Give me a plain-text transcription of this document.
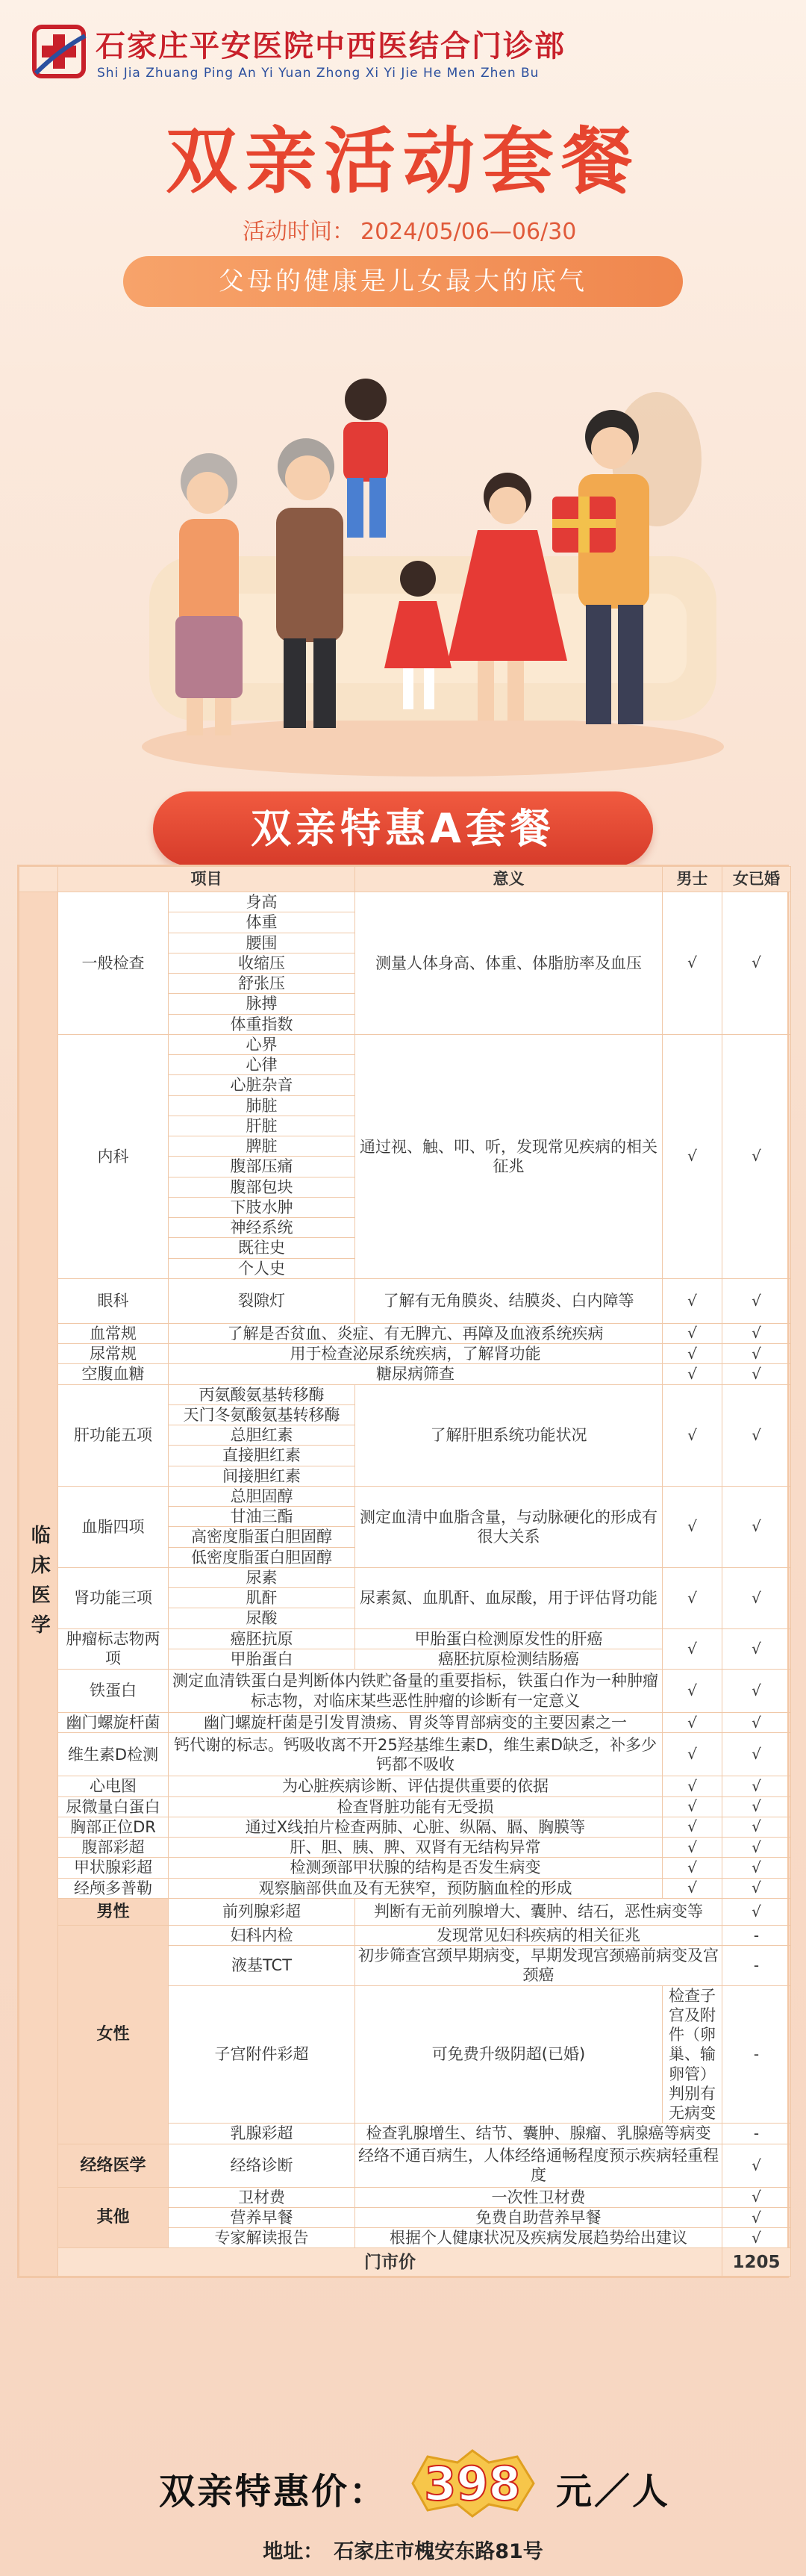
石家庄平安医院中西医结合门诊部
Shi Jia Zhuang Ping An Yi Yuan Zhong Xi Yi Jie He Men Zhen Bu
双亲活动套餐
活动时间： 2024/05/06—06/30
父母的健康是儿女最大的底气
双亲特惠A套餐
	项目		意义	男士	女已婚	
临床医学	一般检查	身高	测量人体身高、体重、体脂肪率及血压	√	√	
		体重				
		腰围				
		收缩压				
		舒张压				
		脉搏				
		体重指数				
	内科	心界	通过视、触、叩、听，发现常见疾病的相关征兆	√	√	
		心律				
		心脏杂音				
		肺脏				
		肝脏				
		脾脏				
		腹部压痛				
		腹部包块				
		下肢水肿				
		神经系统				
		既往史				
		个人史				
	眼科	裂隙灯	了解有无角膜炎、结膜炎、白内障等	√	√	
	血常规	了解是否贫血、炎症、有无脾亢、再障及血液系统疾病		√	√	
	尿常规	用于检查泌尿系统疾病，了解肾功能		√	√	
	空腹血糖	糖尿病筛查		√	√	
	肝功能五项	丙氨酸氨基转移酶	了解肝胆系统功能状况	√	√	
		天门冬氨酸氨基转移酶				
		总胆红素				
		直接胆红素				
		间接胆红素				
	血脂四项	总胆固醇	测定血清中血脂含量，与动脉硬化的形成有很大关系	√	√	
		甘油三酯				
		高密度脂蛋白胆固醇				
		低密度脂蛋白胆固醇				
	肾功能三项	尿素	尿素氮、血肌酐、血尿酸，用于评估肾功能	√	√	
		肌酐				
		尿酸				
	肿瘤标志物两项	癌胚抗原	甲胎蛋白检测原发性的肝癌	√	√	
		甲胎蛋白	癌胚抗原检测结肠癌			
	铁蛋白	测定血清铁蛋白是判断体内铁贮备量的重要指标，铁蛋白作为一种肿瘤标志物，对临床某些恶性肿瘤的诊断有一定意义		√	√	
	幽门螺旋杆菌	幽门螺旋杆菌是引发胃溃疡、胃炎等胃部病变的主要因素之一		√	√	
	维生素D检测	钙代谢的标志。钙吸收离不开25羟基维生素D，维生素D缺乏，补多少钙都不吸收		√	√	
	心电图	为心脏疾病诊断、评估提供重要的依据		√	√	
	尿微量白蛋白	检查肾脏功能有无受损		√	√	
	胸部正位DR	通过X线拍片检查两肺、心脏、纵隔、膈、胸膜等		√	√	
	腹部彩超	肝、胆、胰、脾、双肾有无结构异常		√	√	
	甲状腺彩超	检测颈部甲状腺的结构是否发生病变		√	√	
	经颅多普勒	观察脑部供血及有无狭窄，预防脑血栓的形成		√	√	
	男性	前列腺彩超	判断有无前列腺增大、囊肿、结石，恶性病变等		√	
	女性	妇科内检	发现常见妇科疾病的相关征兆		-	
		液基TCT	初步筛查宫颈早期病变，早期发现宫颈癌前病变及宫颈癌		-	
		子宫附件彩超	可免费升级阴超(已婚)	检查子宫及附件（卵巢、输卵管）判别有无病变	-	
		乳腺彩超	检查乳腺增生、结节、囊肿、腺瘤、乳腺癌等病变		-	
	经络医学	经络诊断	经络不通百病生，人体经络通畅程度预示疾病轻重程度		√	
	其他	卫材费	一次性卫材费		√	
		营养早餐	免费自助营养早餐		√	
		专家解读报告	根据个人健康状况及疾病发展趋势给出建议		√	
	门市价				1205	
双亲特惠价： 398 元／人
地址： 石家庄市槐安东路81号
